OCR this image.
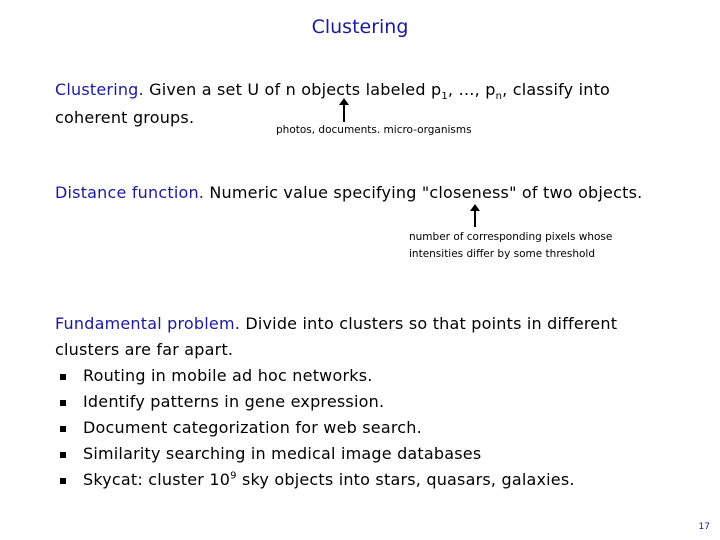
Clustering
Clustering. Given a set U of n objects labeled $p_1$, …, $p_n$, classify into
coherent groups.
photos, documents. micro-organisms
Distance function. Numeric value specifying "closeness" of two objects.
number of corresponding pixels whose
intensities differ by some threshold
Fundamental problem. Divide into clusters so that points in different
clusters are far apart.
Routing in mobile ad hoc networks.
Identify patterns in gene expression.
Document categorization for web search.
Similarity searching in medical image databases
Skycat: cluster $10^9$ sky objects into stars, quasars, galaxies.
17
